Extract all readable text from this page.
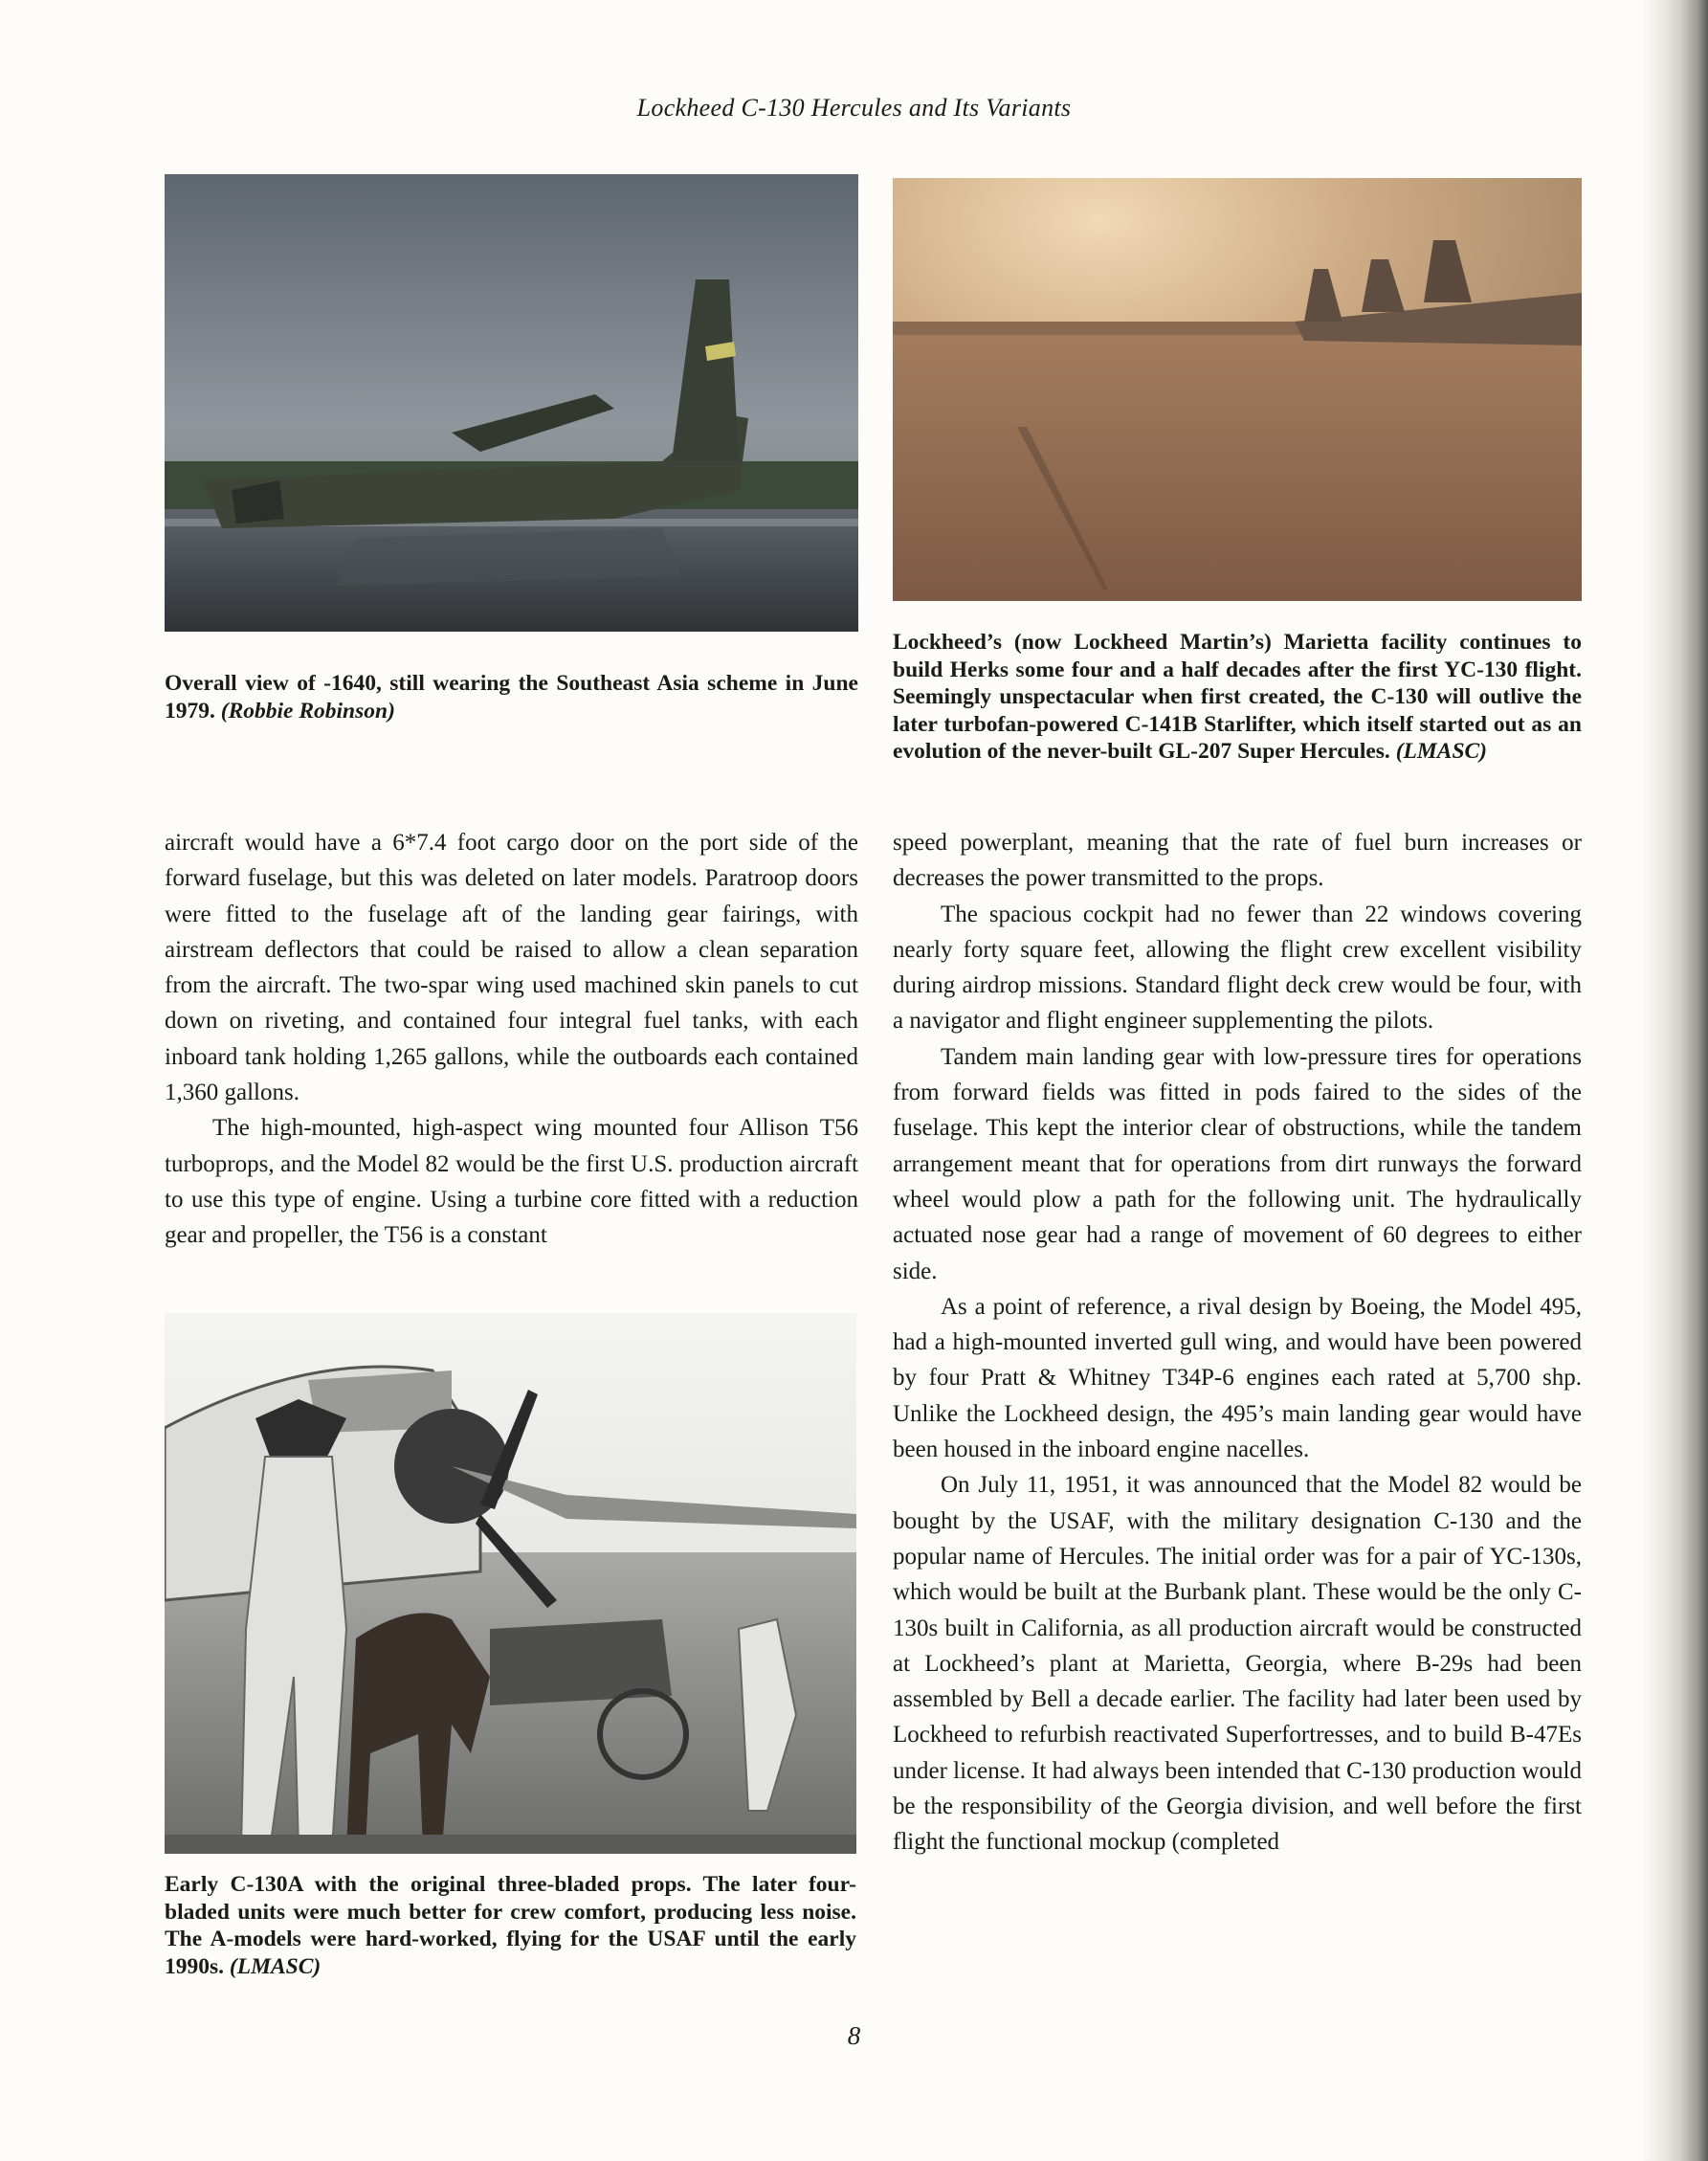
Lockheed C-130 Hercules and Its Variants

Overall view of -1640, still wearing the Southeast Asia scheme in June 1979. (Robbie Robinson)

Lockheed’s (now Lockheed Martin’s) Marietta facility continues to build Herks some four and a half decades after the first YC-130 flight. Seemingly unspectacular when first created, the C-130 will outlive the later turbofan-powered C-141B Starlifter, which itself started out as an evolution of the never-built GL-207 Super Hercules. (LMASC)

aircraft would have a 6*7.4 foot cargo door on the port side of the forward fuselage, but this was deleted on later models. Paratroop doors were fitted to the fuselage aft of the landing gear fairings, with airstream deflectors that could be raised to allow a clean separation from the aircraft. The two-spar wing used machined skin panels to cut down on riveting, and contained four integral fuel tanks, with each inboard tank holding 1,265 gallons, while the outboards each contained 1,360 gallons.

The high-mounted, high-aspect wing mounted four Allison T56 turboprops, and the Model 82 would be the first U.S. production aircraft to use this type of engine. Using a turbine core fitted with a reduction gear and propeller, the T56 is a constant

Early C-130A with the original three-bladed props. The later four-bladed units were much better for crew comfort, producing less noise. The A-models were hard-worked, flying for the USAF until the early 1990s. (LMASC)

speed powerplant, meaning that the rate of fuel burn increases or decreases the power transmitted to the props.

The spacious cockpit had no fewer than 22 windows covering nearly forty square feet, allowing the flight crew excellent visibility during airdrop missions. Standard flight deck crew would be four, with a navigator and flight engineer supplementing the pilots.

Tandem main landing gear with low-pressure tires for operations from forward fields was fitted in pods faired to the sides of the fuselage. This kept the interior clear of obstructions, while the tandem arrangement meant that for operations from dirt runways the forward wheel would plow a path for the following unit. The hydraulically actuated nose gear had a range of movement of 60 degrees to either side.

As a point of reference, a rival design by Boeing, the Model 495, had a high-mounted inverted gull wing, and would have been powered by four Pratt & Whitney T34P-6 engines each rated at 5,700 shp. Unlike the Lockheed design, the 495’s main landing gear would have been housed in the inboard engine nacelles.

On July 11, 1951, it was announced that the Model 82 would be bought by the USAF, with the military designation C-130 and the popular name of Hercules. The initial order was for a pair of YC-130s, which would be built at the Burbank plant. These would be the only C-130s built in California, as all production aircraft would be constructed at Lockheed’s plant at Marietta, Georgia, where B-29s had been assembled by Bell a decade earlier. The facility had later been used by Lockheed to refurbish reactivated Superfortresses, and to build B-47Es under license. It had always been intended that C-130 production would be the responsibility of the Georgia division, and well before the first flight the functional mockup (completed

8
